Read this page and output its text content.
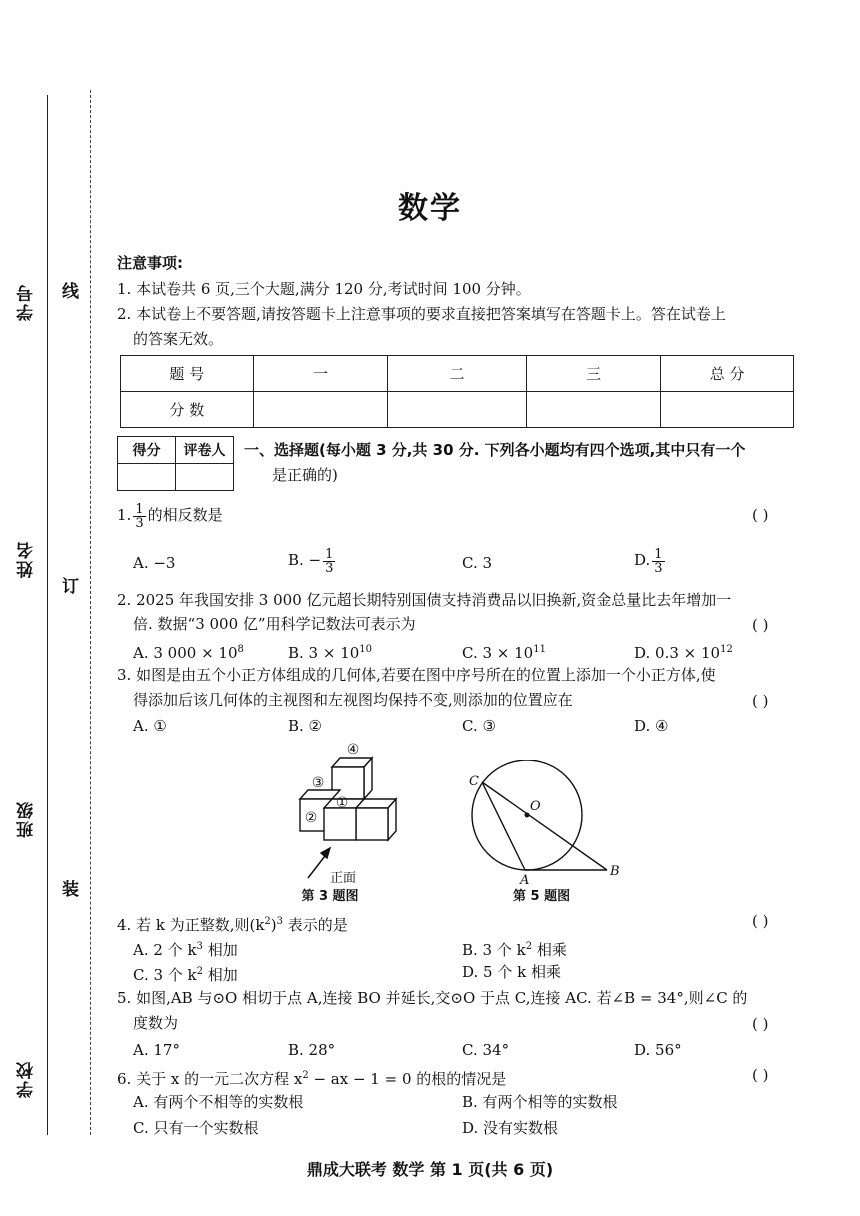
学号 线
姓名
订
班级
装
学校
数学
注意事项:
1. 本试卷共 6 页,三个大题,满分 120 分,考试时间 100 分钟。
2. 本试卷上不要答题,请按答题卡上注意事项的要求直接把答案填写在答题卡上。答在试卷上
的答案无效。
题 号	一	二	三	总 分
分 数				
得分	评卷人
	一、选择题(每小题 3 分,共 30 分. 下列各小题均有四个选项,其中只有一个
是正确的)
1. $\frac{1}{3}$ 的相反数是	( )
A. −3	B. − $\frac{1}{3}$	C. 3	D. $\frac{1}{3}$
2. 2025 年我国安排 3 000 亿元超长期特别国债支持消费品以旧换新,资金总量比去年增加一
倍. 数据“3 000 亿”用科学记数法可表示为	( )
A. 3 $000 \times 10^8$	B. $3 \times 10^{10}$	C. $3 \times 10^{11}$	D. $0.3 \times 10^{12}$
3. 如图是由五个小正方体组成的几何体,若要在图中序号所在的位置上添加一个小正方体,使
得添加后该几何体的主视图和左视图均保持不变,则添加的位置应在	( )
A. ①	B. ②	C. ③	D. ④
④
③
①
②
正面
第 3 题图
C
O
A
B
第 5 题图
4. 若 k 为正整数,则$(k^2)^3$ 表示的是	( )
A. 2 个 $k^3$ 相加	B. 3 个 $k^2$ 相乘
C. 3 个 $k^2$ 相加	D. 5 个 k 相乘
5. 如图,AB 与⊙O 相切于点 A,连接 BO 并延长,交⊙O 于点 C,连接 AC. 若∠B = 34°,则∠C 的
度数为	( )
A. 17°	B. 28°	C. 34°	D. 56°
6. 关于 x 的一元二次方程 $x^2$ − ax − 1 = 0 的根的情况是	( )
A. 有两个不相等的实数根	B. 有两个相等的实数根
C. 只有一个实数根	D. 没有实数根
鼎成大联考 数学 第 1 页(共 6 页)
